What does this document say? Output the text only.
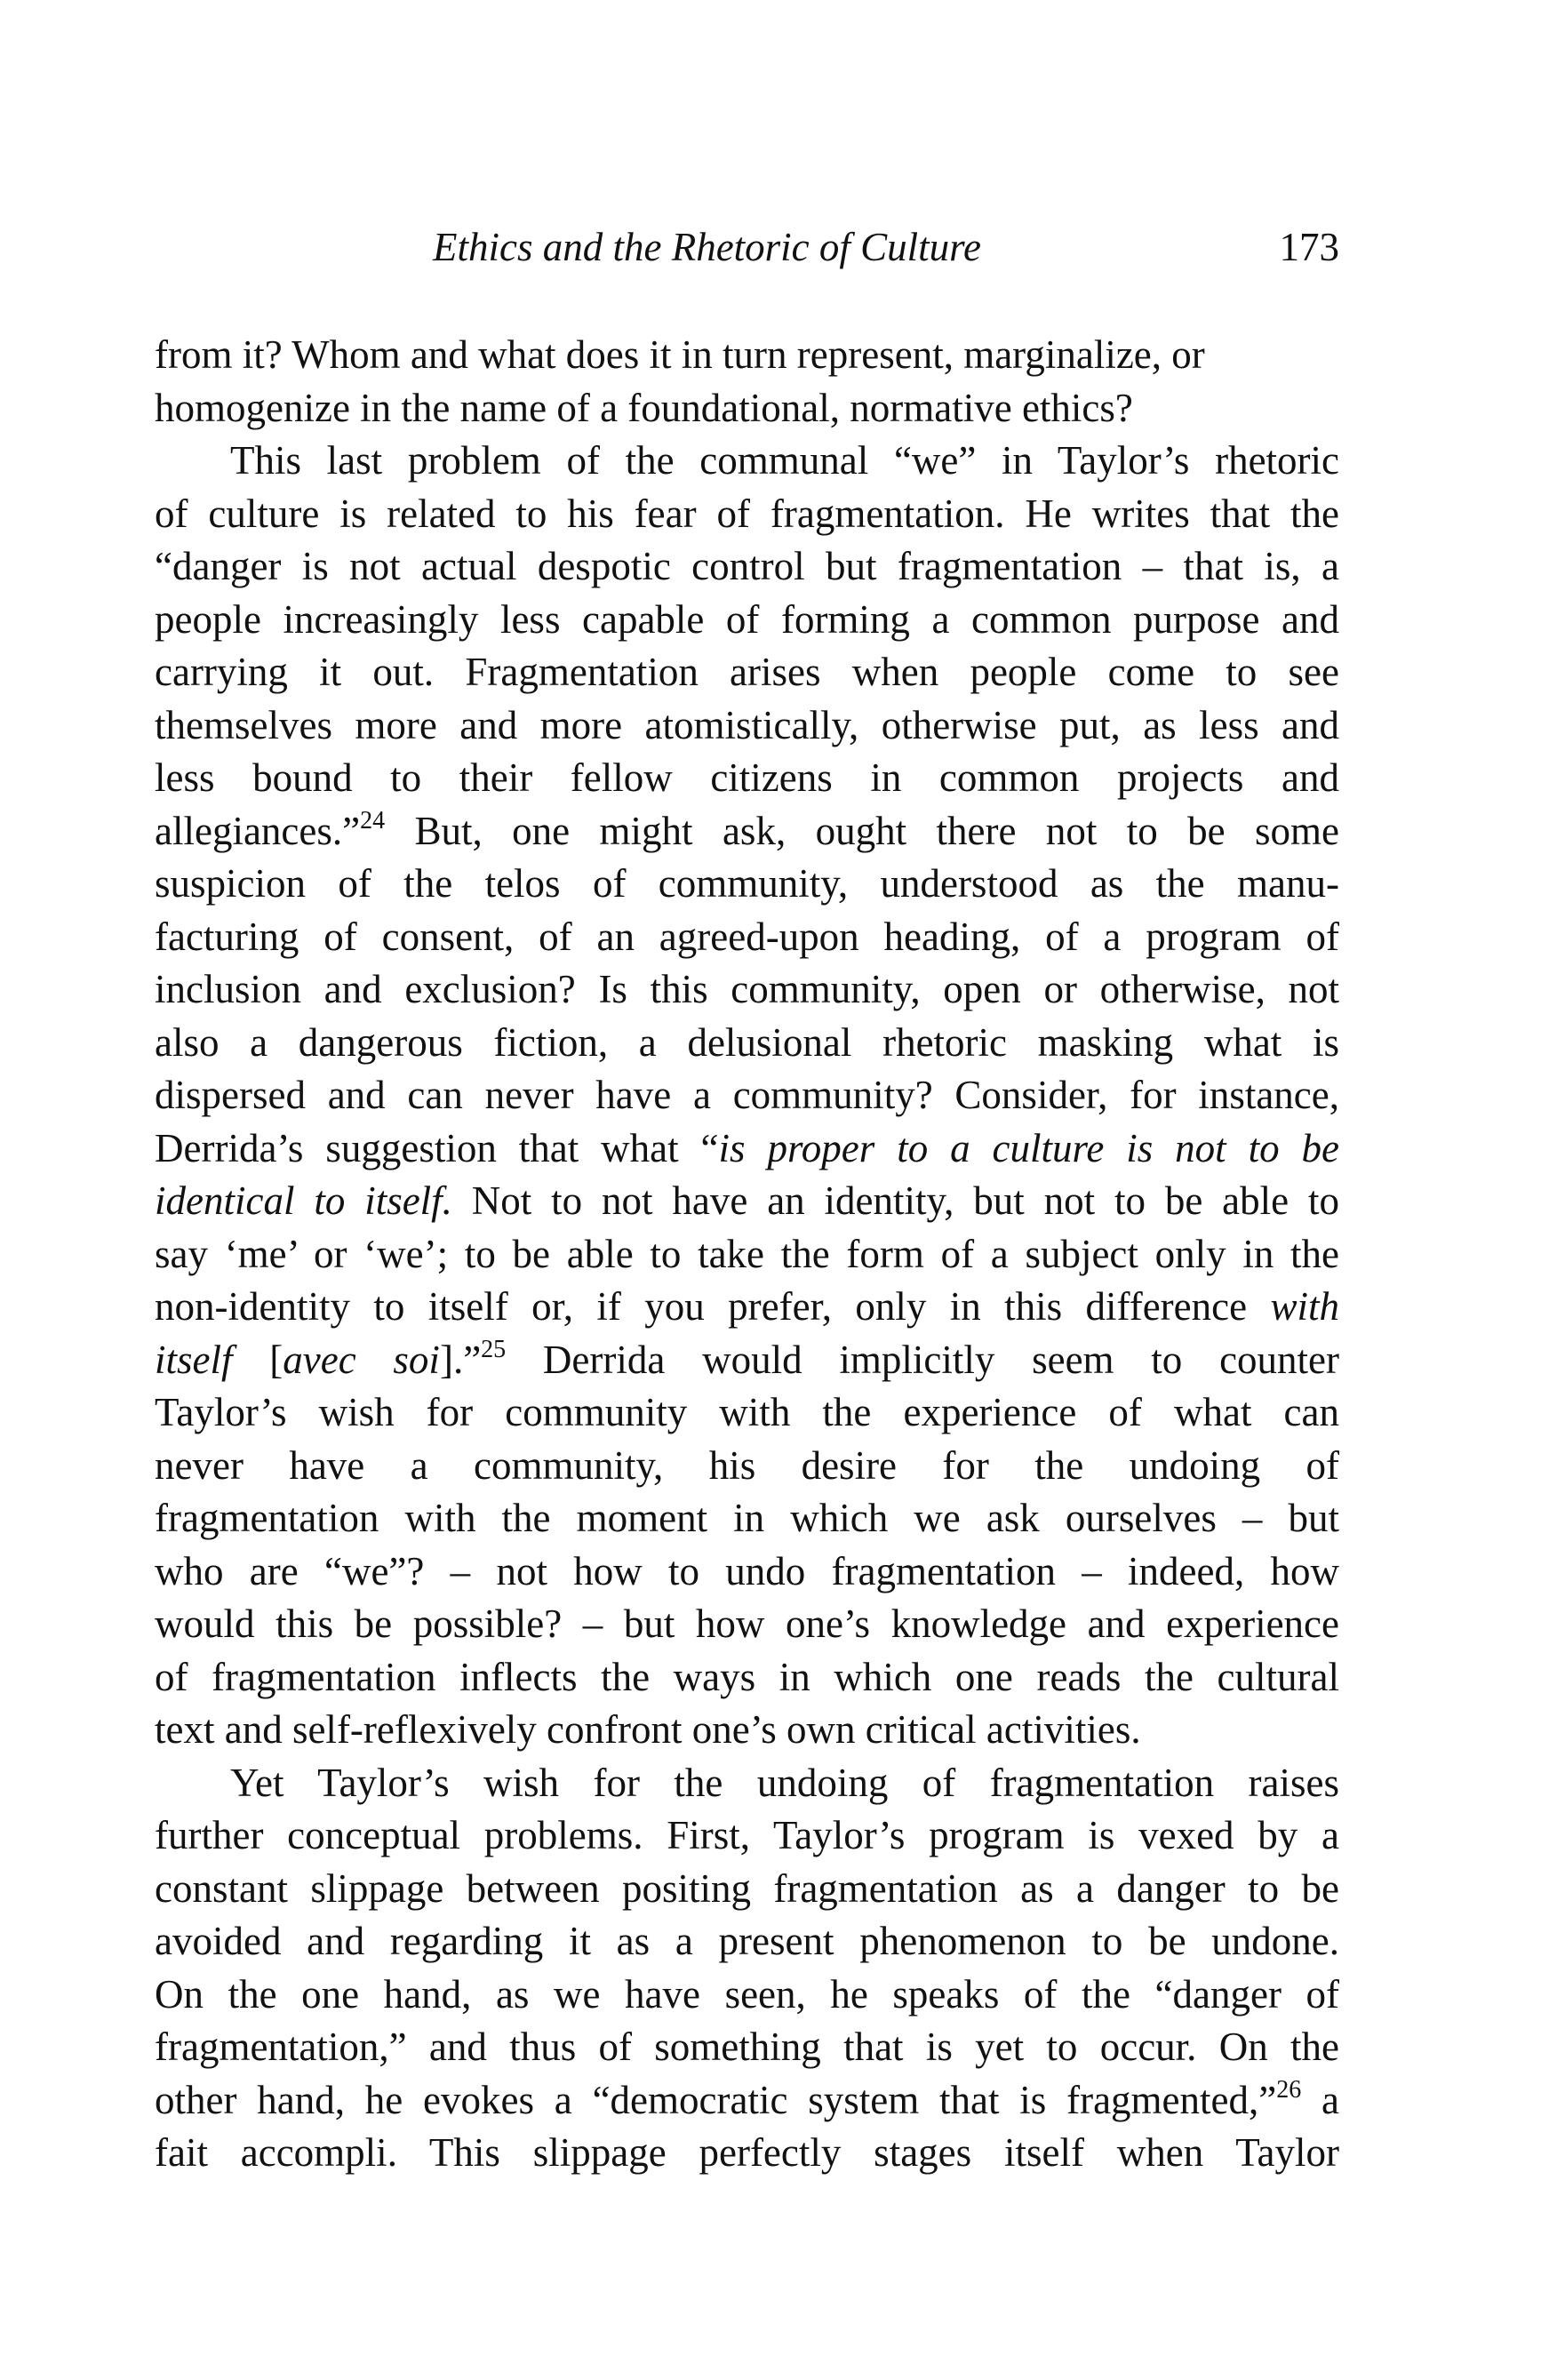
Ethics and the Rhetoric of Culture	173
from it? Whom and what does it in turn represent, marginalize, or
homogenize in the name of a foundational, normative ethics?
This last problem of the communal “we” in Taylor’s rhetoric
of culture is related to his fear of fragmentation. He writes that the
“danger is not actual despotic control but fragmentation – that is, a
people increasingly less capable of forming a common purpose and
carrying it out. Fragmentation arises when people come to see
themselves more and more atomistically, otherwise put, as less and
less bound to their fellow citizens in common projects and
allegiances.”$^{24}$ But, one might ask, ought there not to be some
suspicion of the telos of community, understood as the manu-
facturing of consent, of an agreed-upon heading, of a program of
inclusion and exclusion? Is this community, open or otherwise, not
also a dangerous fiction, a delusional rhetoric masking what is
dispersed and can never have a community? Consider, for instance,
Derrida’s suggestion that what “is proper to a culture is not to be
identical to itself. Not to not have an identity, but not to be able to
say ‘me’ or ‘we’; to be able to take the form of a subject only in the
non-identity to itself or, if you prefer, only in this difference with
itself [avec soi].”$^{25}$ Derrida would implicitly seem to counter
Taylor’s wish for community with the experience of what can
never have a community, his desire for the undoing of
fragmentation with the moment in which we ask ourselves – but
who are “we”? – not how to undo fragmentation – indeed, how
would this be possible? – but how one’s knowledge and experience
of fragmentation inflects the ways in which one reads the cultural
text and self-reflexively confront one’s own critical activities.
Yet Taylor’s wish for the undoing of fragmentation raises
further conceptual problems. First, Taylor’s program is vexed by a
constant slippage between positing fragmentation as a danger to be
avoided and regarding it as a present phenomenon to be undone.
On the one hand, as we have seen, he speaks of the “danger of
fragmentation,” and thus of something that is yet to occur. On the
other hand, he evokes a “democratic system that is fragmented,”$^{26}$ a
fait accompli. This slippage perfectly stages itself when Taylor
